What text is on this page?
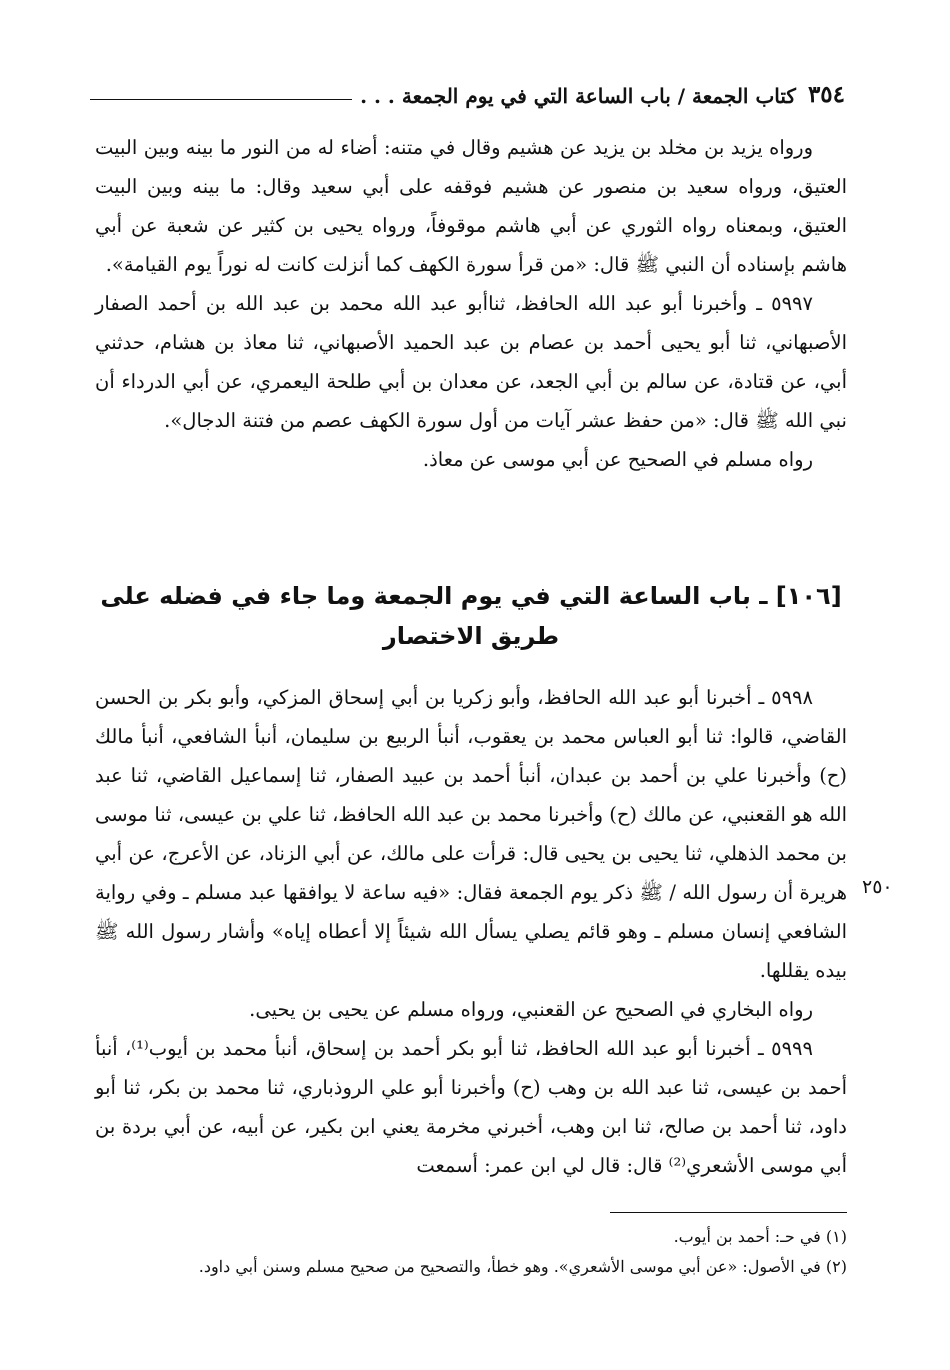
٣٥٤
كتاب الجمعة / باب الساعة التي في يوم الجمعة . . .

ورواه يزيد بن مخلد بن يزيد عن هشيم وقال في متنه: أضاء له من النور ما بينه وبين البيت العتيق، ورواه سعيد بن منصور عن هشيم فوقفه على أبي سعيد وقال: ما بينه وبين البيت العتيق، وبمعناه رواه الثوري عن أبي هاشم موقوفاً، ورواه يحيى بن كثير عن شعبة عن أبي هاشم بإسناده أن النبي ﷺ قال: «من قرأ سورة الكهف كما أنزلت كانت له نوراً يوم القيامة».

٥٩٩٧ ـ وأخبرنا أبو عبد الله الحافظ، ثناأبو عبد الله محمد بن عبد الله بن أحمد الصفار الأصبهاني، ثنا أبو يحيى أحمد بن عصام بن عبد الحميد الأصبهاني، ثنا معاذ بن هشام، حدثني أبي، عن قتادة، عن سالم بن أبي الجعد، عن معدان بن أبي طلحة اليعمري، عن أبي الدرداء أن نبي الله ﷺ قال: «من حفظ عشر آيات من أول سورة الكهف عصم من فتنة الدجال».

رواه مسلم في الصحيح عن أبي موسى عن معاذ.

[١٠٦] ـ باب الساعة التي في يوم الجمعة وما جاء في فضله على طريق الاختصار

٥٩٩٨ ـ أخبرنا أبو عبد الله الحافظ، وأبو زكريا بن أبي إسحاق المزكي، وأبو بكر بن الحسن القاضي، قالوا: ثنا أبو العباس محمد بن يعقوب، أنبأ الربيع بن سليمان، أنبأ الشافعي، أنبأ مالك (ح) وأخبرنا علي بن أحمد بن عبدان، أنبأ أحمد بن عبيد الصفار، ثنا إسماعيل القاضي، ثنا عبد الله هو القعنبي، عن مالك (ح) وأخبرنا محمد بن عبد الله الحافظ، ثنا علي بن عيسى، ثنا موسى بن محمد الذهلي، ثنا يحيى بن يحيى قال: قرأت على مالك، عن أبي الزناد، عن الأعرج، عن أبي هريرة أن رسول الله / ﷺ ذكر يوم الجمعة فقال: «فيه ساعة لا يوافقها عبد مسلم ـ وفي رواية الشافعي إنسان مسلم ـ وهو قائم يصلي يسأل الله شيئاً إلا أعطاه إياه» وأشار رسول الله ﷺ بيده يقللها.

رواه البخاري في الصحيح عن القعنبي، ورواه مسلم عن يحيى بن يحيى.

٥٩٩٩ ـ أخبرنا أبو عبد الله الحافظ، ثنا أبو بكر أحمد بن إسحاق، أنبأ محمد بن أيوب⁽¹⁾، أنبأ أحمد بن عيسى، ثنا عبد الله بن وهب (ح) وأخبرنا أبو علي الروذباري، ثنا محمد بن بكر، ثنا أبو داود، ثنا أحمد بن صالح، ثنا ابن وهب، أخبرني مخرمة يعني ابن بكير، عن أبيه، عن أبي بردة بن أبي موسى الأشعري⁽²⁾ قال: قال لي ابن عمر: أسمعت

٢٥٠

(١) في حـ: أحمد بن أيوب.

(٢) في الأصول: «عن أبي موسى الأشعري». وهو خطأ، والتصحيح من صحيح مسلم وسنن أبي داود.
